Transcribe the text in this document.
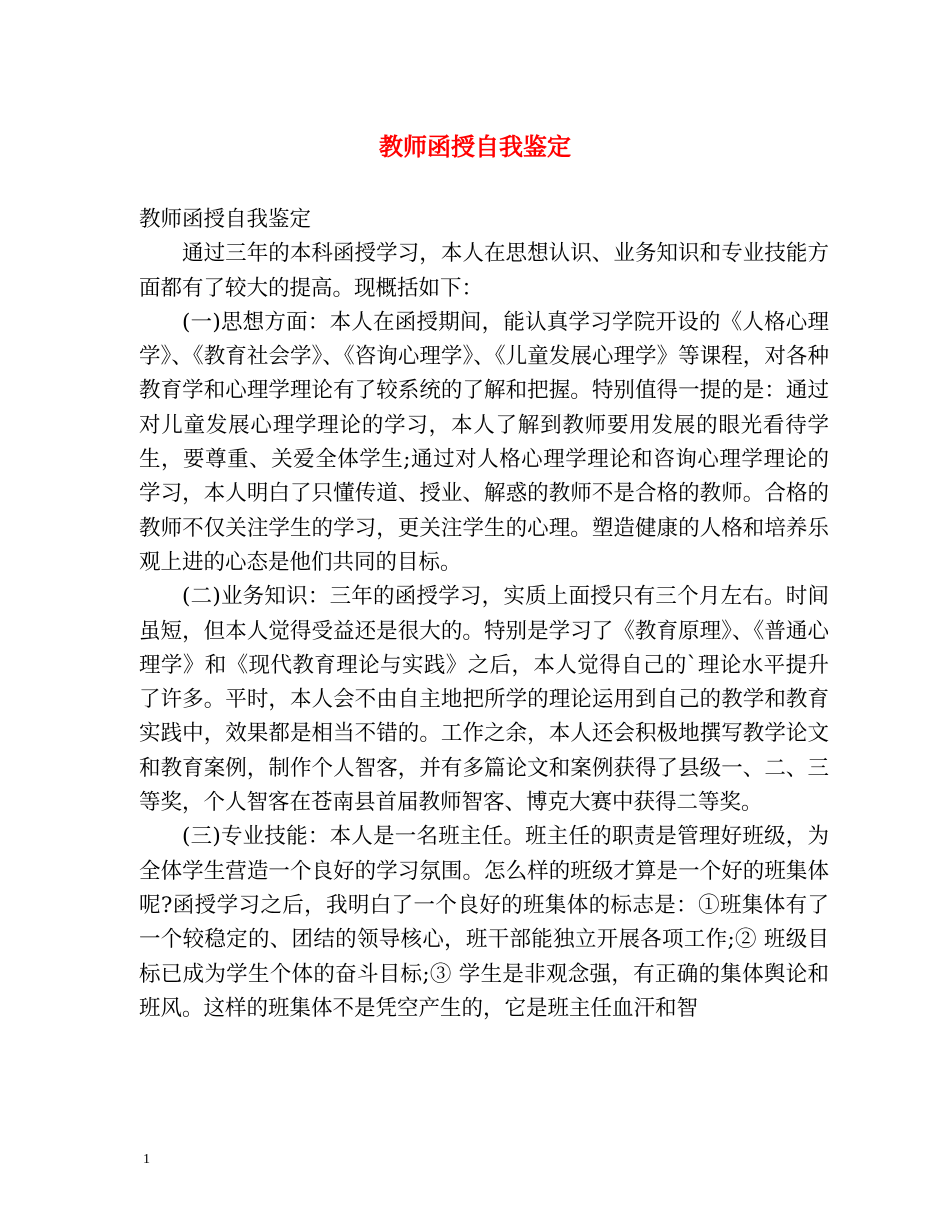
教师函授自我鉴定

教师函授自我鉴定

通过三年的本科函授学习，本人在思想认识、业务知识和专业技能方面都有了较大的提高。现概括如下：

(一)思想方面：本人在函授期间，能认真学习学院开设的《人格心理学》、《教育社会学》、《咨询心理学》、《儿童发展心理学》等课程，对各种教育学和心理学理论有了较系统的了解和把握。特别值得一提的是：通过对儿童发展心理学理论的学习，本人了解到教师要用发展的眼光看待学生，要尊重、关爱全体学生;通过对人格心理学理论和咨询心理学理论的学习，本人明白了只懂传道、授业、解惑的教师不是合格的教师。合格的教师不仅关注学生的学习，更关注学生的心理。塑造健康的人格和培养乐观上进的心态是他们共同的目标。

(二)业务知识：三年的函授学习，实质上面授只有三个月左右。时间虽短，但本人觉得受益还是很大的。特别是学习了《教育原理》、《普通心理学》和《现代教育理论与实践》之后，本人觉得自己的`理论水平提升了许多。平时，本人会不由自主地把所学的理论运用到自己的教学和教育实践中，效果都是相当不错的。工作之余，本人还会积极地撰写教学论文和教育案例，制作个人智客，并有多篇论文和案例获得了县级一、二、三等奖，个人智客在苍南县首届教师智客、博克大赛中获得二等奖。

(三)专业技能：本人是一名班主任。班主任的职责是管理好班级，为全体学生营造一个良好的学习氛围。怎么样的班级才算是一个好的班集体呢?函授学习之后，我明白了一个良好的班集体的标志是：①班集体有了一个较稳定的、团结的领导核心，班干部能独立开展各项工作;② 班级目标已成为学生个体的奋斗目标;③ 学生是非观念强，有正确的集体舆论和班风。这样的班集体不是凭空产生的，它是班主任血汗和智

1
